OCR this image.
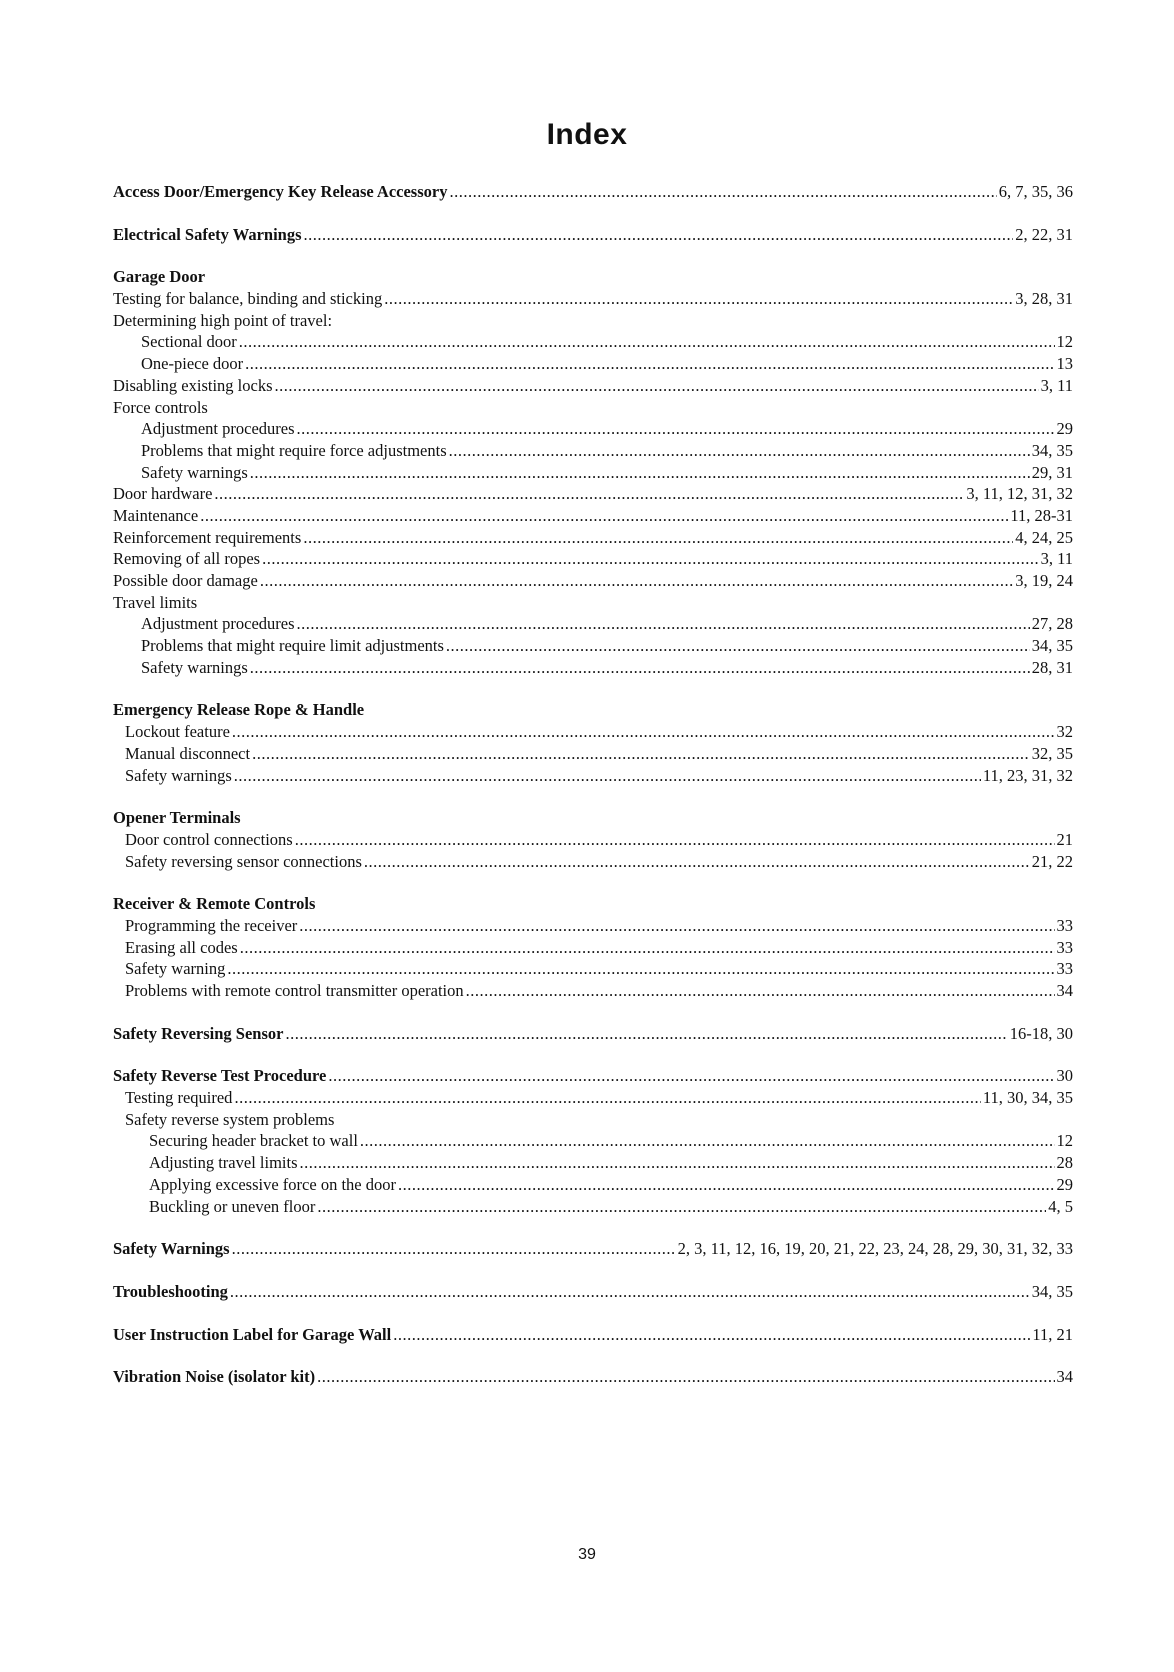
Index
Access Door/Emergency Key Release Accessory .....	6, 7, 35, 36
Electrical Safety Warnings .....	2, 22, 31
Garage Door
Testing for balance, binding and sticking .....	3, 28, 31
Determining high point of travel:
Sectional door .....	12
One-piece door .....	13
Disabling existing locks .....	3, 11
Force controls
Adjustment procedures .....	29
Problems that might require force adjustments .....	34, 35
Safety warnings .....	29, 31
Door hardware .....	3, 11, 12, 31, 32
Maintenance .....	11, 28-31
Reinforcement requirements .....	4, 24, 25
Removing of all ropes .....	3, 11
Possible door damage .....	3, 19, 24
Travel limits
Adjustment procedures .....	27, 28
Problems that might require limit adjustments .....	34, 35
Safety warnings .....	28, 31
Emergency Release Rope & Handle
Lockout feature .....	32
Manual disconnect .....	32, 35
Safety warnings .....	11, 23, 31, 32
Opener Terminals
Door control connections .....	21
Safety reversing sensor connections .....	21, 22
Receiver & Remote Controls
Programming the receiver .....	33
Erasing all codes .....	33
Safety warning .....	33
Problems with remote control transmitter operation .....	34
Safety Reversing Sensor .....	16-18, 30
Safety Reverse Test Procedure .....	30
Testing required .....	11, 30, 34, 35
Safety reverse system problems
Securing header bracket to wall .....	12
Adjusting travel limits .....	28
Applying excessive force on the door .....	29
Buckling or uneven floor .....	4, 5
Safety Warnings .....	2, 3, 11, 12, 16, 19, 20, 21, 22, 23, 24, 28, 29, 30, 31, 32, 33
Troubleshooting .....	34, 35
User Instruction Label for Garage Wall .....	11, 21
Vibration Noise (isolator kit) .....	34
39
